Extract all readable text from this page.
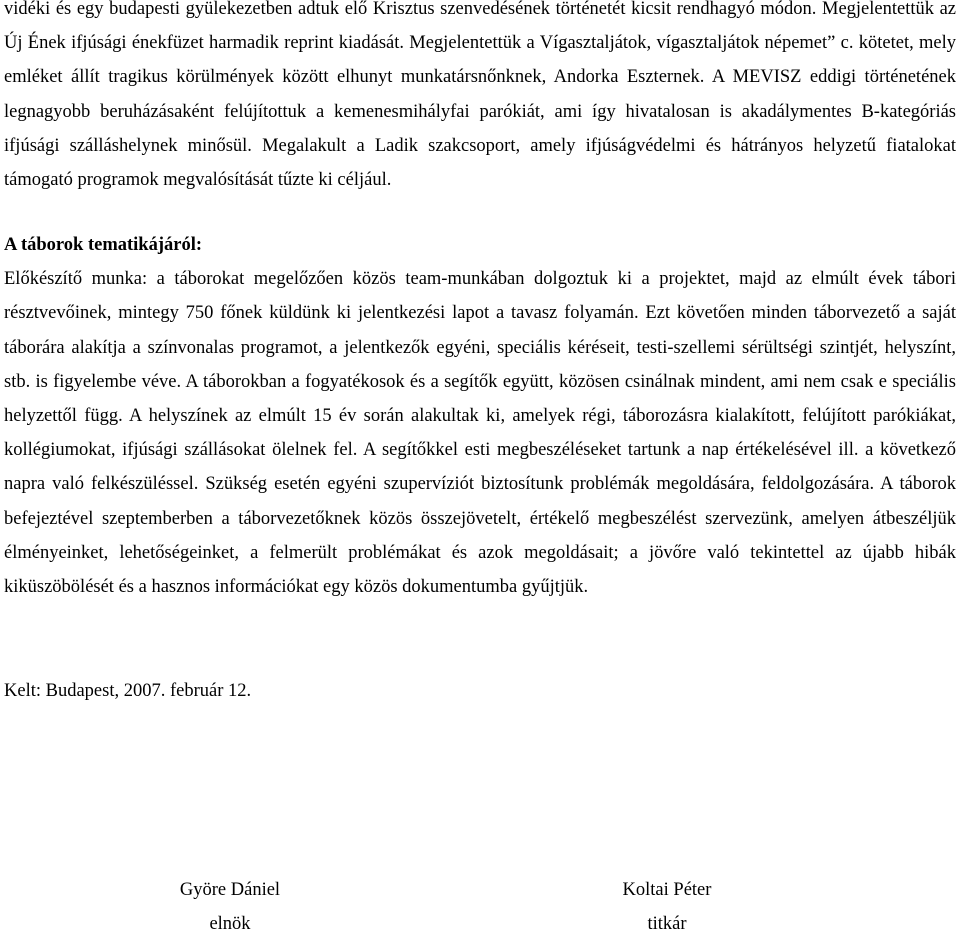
vidéki és egy budapesti gyülekezetben adtuk elő Krisztus szenvedésének történetét kicsit rendhagyó módon. Megjelentettük az Új Ének ifjúsági énekfüzet harmadik reprint kiadását. Megjelentettük a Vígasztaljátok, vígasztaljátok népemet” c. kötetet, mely emléket állít tragikus körülmények között elhunyt munkatársnőnknek, Andorka Eszternek. A MEVISZ eddigi történetének legnagyobb beruházásaként felújítottuk a kemenesmihályfai parókiát, ami így hivatalosan is akadálymentes B-kategóriás ifjúsági szálláshelynek minősül. Megalakult a Ladik szakcsoport, amely ifjúságvédelmi és hátrányos helyzetű fiatalokat támogató programok megvalósítását tűzte ki céljául.

A táborok tematikájáról:

Előkészítő munka: a táborokat megelőzően közös team-munkában dolgoztuk ki a projektet, majd az elmúlt évek tábori résztvevőinek, mintegy 750 főnek küldünk ki jelentkezési lapot a tavasz folyamán. Ezt követően minden táborvezető a saját táborára alakítja a színvonalas programot, a jelentkezők egyéni, speciális kéréseit, testi-szellemi sérültségi szintjét, helyszínt, stb. is figyelembe véve. A táborokban a fogyatékosok és a segítők együtt, közösen csinálnak mindent, ami nem csak e speciális helyzettől függ. A helyszínek az elmúlt 15 év során alakultak ki, amelyek régi, táborozásra kialakított, felújított parókiákat, kollégiumokat, ifjúsági szállásokat ölelnek fel. A segítőkkel esti megbeszéléseket tartunk a nap értékelésével ill. a következő napra való felkészüléssel. Szükség esetén egyéni szupervíziót biztosítunk problémák megoldására, feldolgozására. A táborok befejeztével szeptemberben a táborvezetőknek közös összejövetelt, értékelő megbeszélést szervezünk, amelyen átbeszéljük élményeinket, lehetőségeinket, a felmerült problémákat és azok megoldásait; a jövőre való tekintettel az újabb hibák kiküszöbölését és a hasznos információkat egy közös dokumentumba gyűjtjük.

Kelt: Budapest, 2007. február 12.

Györe Dániel
elnök
Koltai Péter
titkár
